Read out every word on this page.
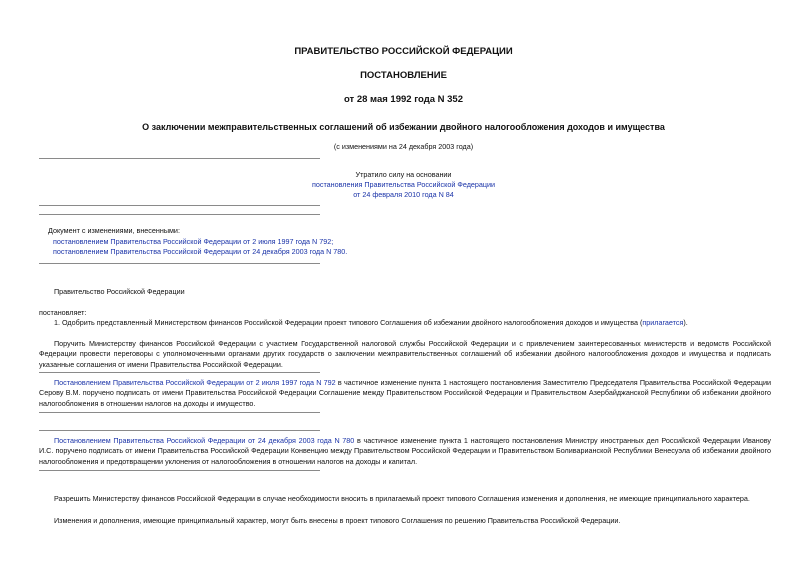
ПРАВИТЕЛЬСТВО РОССИЙСКОЙ ФЕДЕРАЦИИ
ПОСТАНОВЛЕНИЕ
от 28 мая 1992 года N 352
О заключении межправительственных соглашений об избежании двойного налогообложения доходов и имущества
(с изменениями на 24 декабря 2003 года)
Утратило силу на основании
постановления Правительства Российской Федерации
от 24 февраля 2010 года N 84
Документ с изменениями, внесенными:
постановлением Правительства Российской Федерации от 2 июля 1997 года N 792;
постановлением Правительства Российской Федерации от 24 декабря 2003 года N 780.
Правительство Российской Федерации
постановляет:
1. Одобрить представленный Министерством финансов Российской Федерации проект типового Соглашения об избежании двойного налогообложения доходов и имущества (прилагается).
Поручить Министерству финансов Российской Федерации с участием Государственной налоговой службы Российской Федерации и с привлечением заинтересованных министерств и ведомств Российской Федерации провести переговоры с уполномоченными органами других государств о заключении межправительственных соглашений об избежании двойного налогообложения доходов и имущества и подписать указанные соглашения от имени Правительства Российской Федерации.
Постановлением Правительства Российской Федерации от 2 июля 1997 года N 792 в частичное изменение пункта 1 настоящего постановления Заместителю Председателя Правительства Российской Федерации Серову В.М. поручено подписать от имени Правительства Российской Федерации Соглашение между Правительством Российской Федерации и Правительством Азербайджанской Республики об избежании двойного налогообложения в отношении налогов на доходы и имущество.
Постановлением Правительства Российской Федерации от 24 декабря 2003 года N 780 в частичное изменение пункта 1 настоящего постановления Министру иностранных дел Российской Федерации Иванову И.С. поручено подписать от имени Правительства Российской Федерации Конвенцию между Правительством Российской Федерации и Правительством Боливарианской Республики Венесуэла об избежании двойного налогообложения и предотвращении уклонения от налогообложения в отношении налогов на доходы и капитал.
Разрешить Министерству финансов Российской Федерации в случае необходимости вносить в прилагаемый проект типового Соглашения изменения и дополнения, не имеющие принципиального характера.
Изменения и дополнения, имеющие принципиальный характер, могут быть внесены в проект типового Соглашения по решению Правительства Российской Федерации.
